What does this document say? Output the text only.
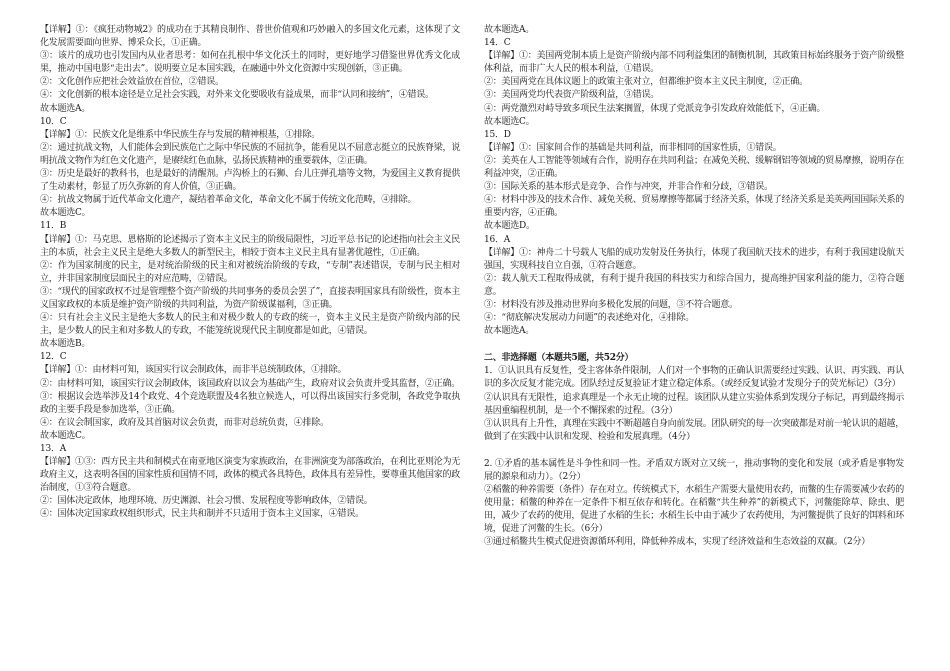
【详解】①：《疯狂动物城2》的成功在于其精良制作、普世价值观和巧妙融入的多国文化元素，这体现了文化发展需要面向世界、博采众长，①正确。

③：该片的成功也引发国内从业者思考：如何在扎根中华文化沃土的同时，更好地学习借鉴世界优秀文化成果，推动中国电影“走出去”。说明要立足本国实践，在融通中外文化资源中实现创新，③正确。

②：文化创作应把社会效益放在首位，②错误。

④：文化创新的根本途径是立足社会实践，对外来文化要吸收有益成果，而非“认同和接纳”，④错误。

故本题选A。

10．C

【详解】①：民族文化是维系中华民族生存与发展的精神根基，①排除。

②：通过抗战文物，人们能体会到民族危亡之际中华民族的不屈抗争，能看见以不屈意志挺立的民族脊梁，说明抗战文物作为红色文化遗产，是赓续红色血脉，弘扬民族精神的重要载体，②正确。

③：历史是最好的教科书，也是最好的清醒剂。卢沟桥上的石狮、台儿庄弹孔墙等文物，为爱国主义教育提供了生动素材，彰显了历久弥新的育人价值，③正确。

④：抗战文物属于近代革命文化遗产，凝结着革命文化，革命文化不属于传统文化范畴，④排除。

故本题选C。

11．B

【详解】①：马克思、恩格斯的论述揭示了资本主义民主的阶级局限性，习近平总书记的论述指向社会主义民主的本质，社会主义民主是绝大多数人的新型民主，相较于资本主义民主具有显著优越性，①正确。

②：作为国家制度的民主，是对统治阶级的民主和对被统治阶级的专政，“专制”表述错误，专制与民主相对立，并非国家制度层面民主的对应范畴，②错误。

③：“现代的国家政权不过是管理整个资产阶级的共同事务的委员会罢了”，直接表明国家具有阶级性，资本主义国家政权的本质是维护资产阶级的共同利益，为资产阶级谋福利，③正确。

④：只有社会主义民主是绝大多数人的民主和对极少数人的专政的统一，资本主义民主是资产阶级内部的民主，是少数人的民主和对多数人的专政，不能笼统说现代民主制度都是如此，④错误。

故本题选B。

12．C

【详解】①：由材料可知，该国实行议会制政体，而非半总统制政体，①排除。

②：由材料可知，该国实行议会制政体，该国政府以议会为基础产生，政府对议会负责并受其监督，②正确。

③：根据议会选举涉及14个政党、4个竞选联盟及4名独立候选人，可以得出该国实行多党制，各政党争取执政的主要手段是参加选举，③正确。

④：在议会制国家，政府及其首脑对议会负责，而非对总统负责，④排除。

故本题选C。

13．A

【详解】①③：西方民主共和制模式在南亚地区演变为家族政治，在非洲演变为部落政治，在利比亚则沦为无政府主义，这表明各国的国家性质和国情不同，政体的模式各具特色，政体具有差异性，要尊重其他国家的政治制度，①③符合题意。

②：国体决定政体，地理环境、历史渊源、社会习惯、发展程度等影响政体，②错误。

④：国体决定国家政权组织形式，民主共和制并不只适用于资本主义国家，④错误。

故本题选A。

14．C

【详解】①：美国两党制本质上是资产阶级内部不同利益集团的制衡机制，其政策目标始终服务于资产阶级整体利益，而非广大人民的根本利益，①错误。

②：美国两党在具体议题上的政策主张对立，但都维护资本主义民主制度，②正确。

③：美国两党均代表资产阶级利益，③错误。

④：两党激烈对峙导致多项民生法案搁置，体现了党派竞争引发政府效能低下，④正确。

故本题选C。

15．D

【详解】①：国家间合作的基础是共同利益，而非相同的国家性质，①错误。

②：美英在人工智能等领域有合作，说明存在共同利益；在减免关税、缓解钢铝等领域的贸易摩擦，说明存在利益冲突，②正确。

③：国际关系的基本形式是竞争、合作与冲突，并非合作和分歧，③错误。

④：材料中涉及的技术合作、减免关税、贸易摩擦等都属于经济关系，体现了经济关系是美英两国国际关系的重要内容，④正确。

故本题选D。

16．A

【详解】①：神舟二十号载人飞船的成功发射及任务执行，体现了我国航天技术的进步，有利于我国建设航天强国，实现科技自立自强，①符合题意。

②：载人航天工程取得成就，有利于提升我国的科技实力和综合国力，提高维护国家利益的能力，②符合题意。

③：材料没有涉及推动世界向多极化发展的问题，③不符合题意。

④：“彻底解决发展动力问题”的表述绝对化，④排除。

故本题选A。

二、非选择题（本题共5题，共52分）

1．①认识具有反复性，受主客体条件限制，人们对一个事物的正确认识需要经过实践、认识、再实践、再认识的多次反复才能完成。团队经过反复验证才建立稳定体系。（或经反复试验才发现分子的荧光标记）（3分）

②认识具有无限性，追求真理是一个永无止境的过程。该团队从建立实验体系到发现分子标记，再到最终揭示基因重编程机制，是一个不懈探索的过程。（3分）

③认识具有上升性，真理在实践中不断超越自身向前发展。团队研究的每一次突破都是对前一轮认识的超越，做到了在实践中认识和发现、检验和发展真理。（4分）

2. ①矛盾的基本属性是斗争性和同一性。矛盾双方既对立又统一，推动事物的变化和发展（或矛盾是事物发展的源泉和动力）。（2分）

②稻鳖的种养需要（条件）存在对立。传统模式下，水稻生产需要大量使用农药，而鳖的生存需要减少农药的使用量；稻鳖的种养在一定条件下相互依存和转化。在稻鳖“共生种养”的新模式下，河鳖能除草、除虫、肥田，减少了农药的使用，促进了水稻的生长；水稻生长中由于减少了农药使用，为河鳖提供了良好的饵料和环境，促进了河鳖的生长。（6分）

③通过稻鳖共生模式促进资源循环利用，降低种养成本，实现了经济效益和生态效益的双赢。（2分）
